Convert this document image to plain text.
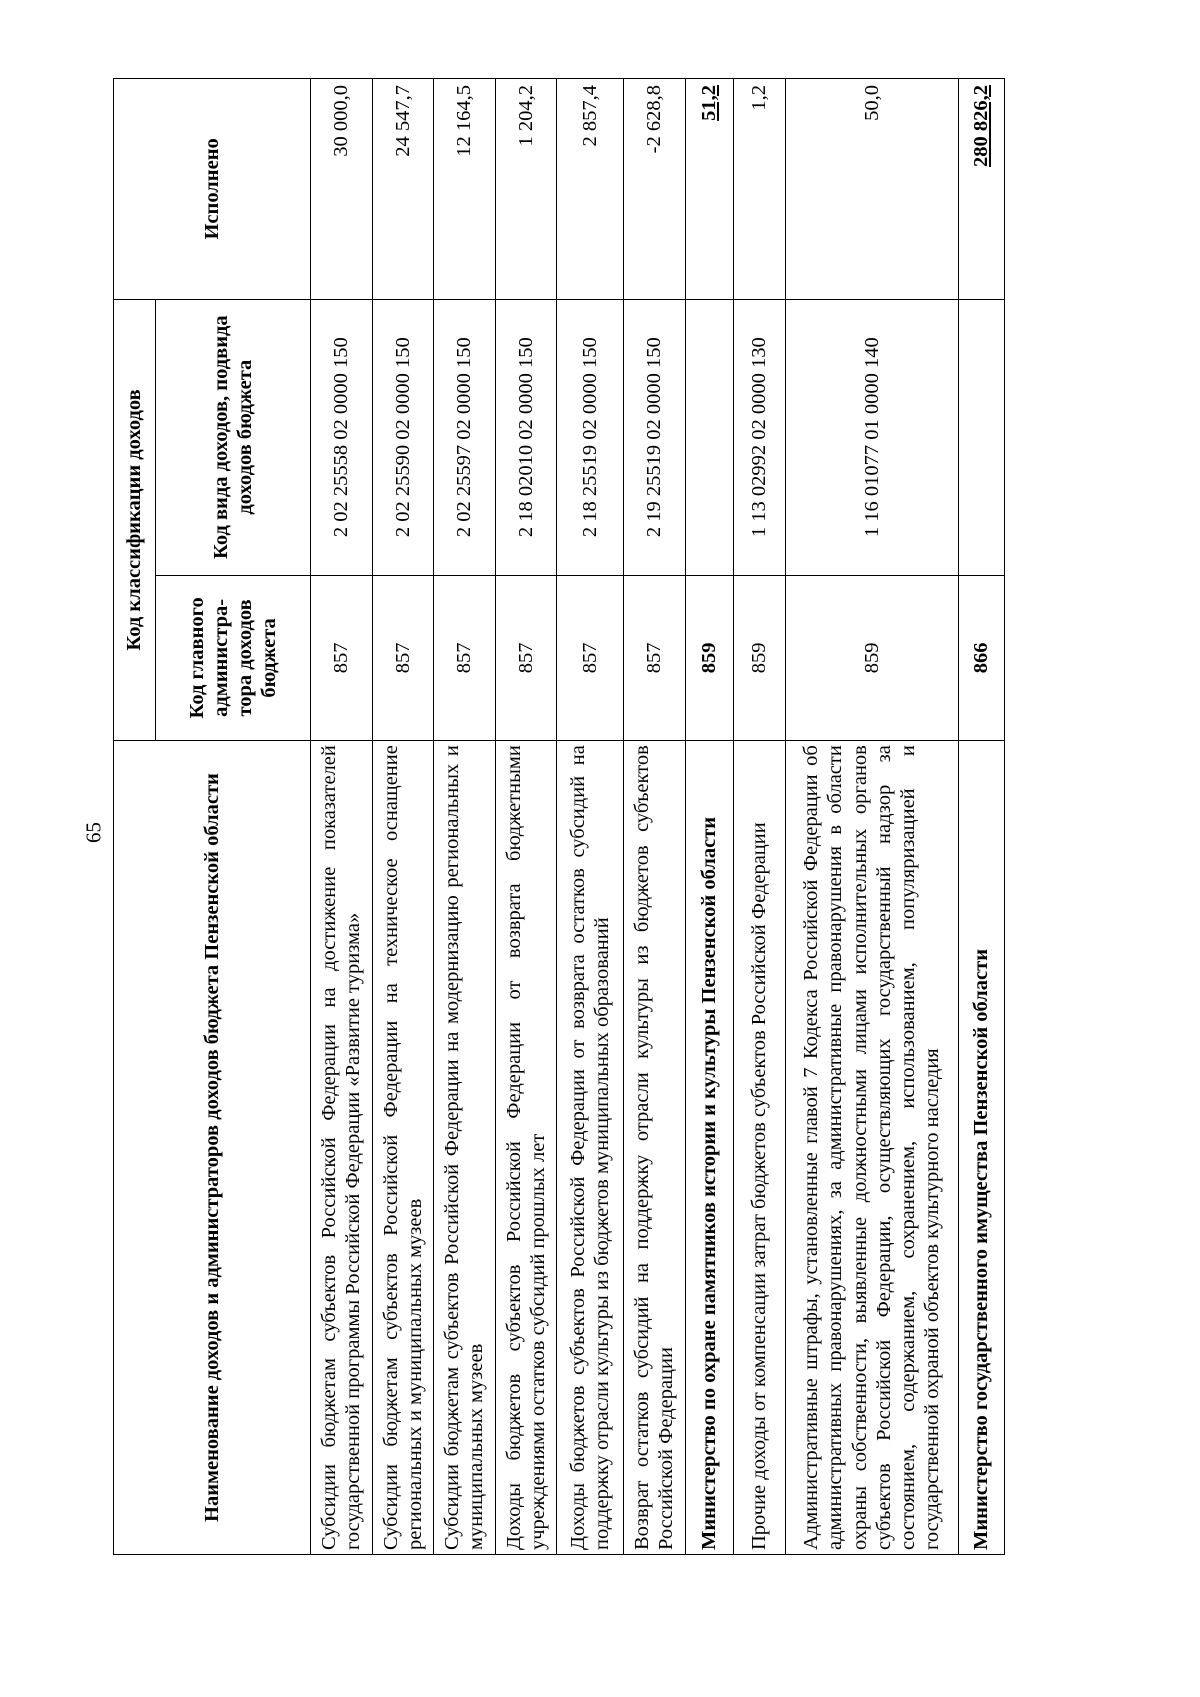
65	Наименование доходов и администраторов доходов бюджета Пензенской области	Код классификации доходов		Исполнено
	Код главного администра-тора доходов бюджета	Код вида доходов, подвида доходов бюджета	
Субсидии бюджетам субъектов Российской Федерации на достижение показателей государственной программы Российской Федерации «Развитие туризма»	857	2 02 25558 02 0000 150	30 000,0
Субсидии бюджетам субъектов Российской Федерации на техническое оснащение региональных и муниципальных музеев	857	2 02 25590 02 0000 150	24 547,7
Субсидии бюджетам субъектов Российской Федерации на модернизацию региональных и муниципальных музеев	857	2 02 25597 02 0000 150	12 164,5
Доходы бюджетов субъектов Российской Федерации от возврата бюджетными учреждениями остатков субсидий прошлых лет	857	2 18 02010 02 0000 150	1 204,2
Доходы бюджетов субъектов Российской Федерации от возврата остатков субсидий на поддержку отрасли культуры из бюджетов муниципальных образований	857	2 18 25519 02 0000 150	2 857,4
Возврат остатков субсидий на поддержку отрасли культуры из бюджетов субъектов Российской Федерации	857	2 19 25519 02 0000 150	-2 628,8
Министерство по охране памятников истории и культуры Пензенской области	859		51,2
Прочие доходы от компенсации затрат бюджетов субъектов Российской Федерации	859	1 13 02992 02 0000 130	1,2
Административные штрафы, установленные главой 7 Кодекса Российской Федерации об административных правонарушениях, за административные правонарушения в области охраны собственности, выявленные должностными лицами исполнительных органов субъектов Российской Федерации, осуществляющих государственный надзор за состоянием, содержанием, сохранением, использованием, популяризацией и государственной охраной объектов культурного наследия	859	1 16 01077 01 0000 140	50,0
Министерство государственного имущества Пензенской области	866		280 826,2
